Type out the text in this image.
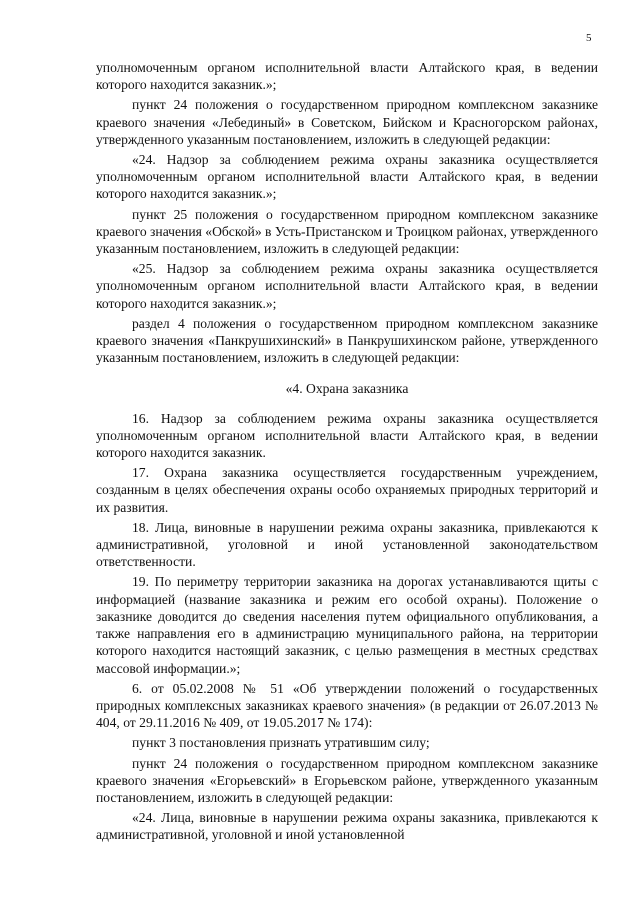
5

уполномоченным органом исполнительной власти Алтайского края, в ведении которого находится заказник.»;

пункт 24 положения о государственном природном комплексном заказнике краевого значения «Лебединый» в Советском, Бийском и Красногорском районах, утвержденного указанным постановлением, изложить в следующей редакции:

«24. Надзор за соблюдением режима охраны заказника осуществляется уполномоченным органом исполнительной власти Алтайского края, в ведении которого находится заказник.»;

пункт 25 положения о государственном природном комплексном заказнике краевого значения «Обской» в Усть-Пристанском и Троицком районах, утвержденного указанным постановлением, изложить в следующей редакции:

«25. Надзор за соблюдением режима охраны заказника осуществляется уполномоченным органом исполнительной власти Алтайского края, в ведении которого находится заказник.»;

раздел 4 положения о государственном природном комплексном заказнике краевого значения «Панкрушихинский» в Панкрушихинском районе, утвержденного указанным постановлением, изложить в следующей редакции:

«4. Охрана заказника

16. Надзор за соблюдением режима охраны заказника осуществляется уполномоченным органом исполнительной власти Алтайского края, в ведении которого находится заказник.

17. Охрана заказника осуществляется государственным учреждением, созданным в целях обеспечения охраны особо охраняемых природных территорий и их развития.

18. Лица, виновные в нарушении режима охраны заказника, привлекаются к административной, уголовной и иной установленной законодательством ответственности.

19. По периметру территории заказника на дорогах устанавливаются щиты с информацией (название заказника и режим его особой охраны). Положение о заказнике доводится до сведения населения путем официального опубликования, а также направления его в администрацию муниципального района, на территории которого находится настоящий заказник, с целью размещения в местных средствах массовой информации.»;

6. от 05.02.2008 № 51 «Об утверждении положений о государственных природных комплексных заказниках краевого значения» (в редакции от 26.07.2013 № 404, от 29.11.2016 № 409, от 19.05.2017 № 174):

пункт 3 постановления признать утратившим силу;

пункт 24 положения о государственном природном комплексном заказнике краевого значения «Егорьевский» в Егорьевском районе, утвержденного указанным постановлением, изложить в следующей редакции:

«24. Лица, виновные в нарушении режима охраны заказника, привлекаются к административной, уголовной и иной установленной
